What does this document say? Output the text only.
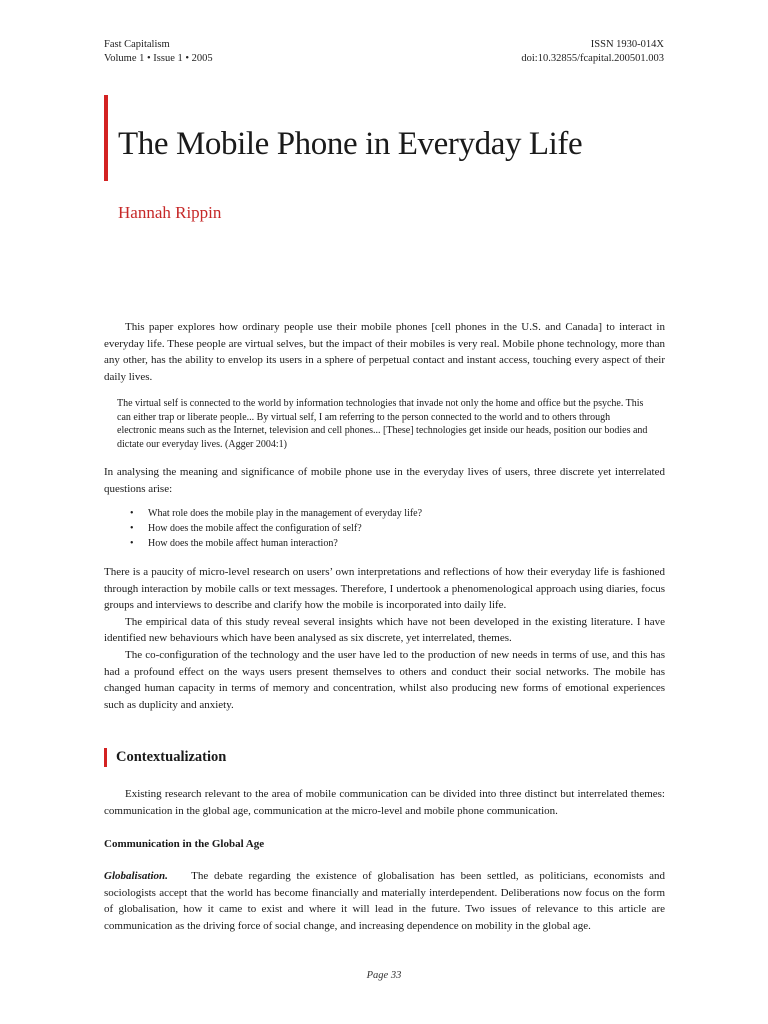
Fast Capitalism
Volume 1 • Issue 1 • 2005
ISSN 1930-014X
doi:10.32855/fcapital.200501.003
The Mobile Phone in Everyday Life
Hannah Rippin

This paper explores how ordinary people use their mobile phones [cell phones in the U.S. and Canada] to interact in everyday life. These people are virtual selves, but the impact of their mobiles is very real. Mobile phone technology, more than any other, has the ability to envelop its users in a sphere of perpetual contact and instant access, touching every aspect of their daily lives.

The virtual self is connected to the world by information technologies that invade not only the home and office but the psyche. This can either trap or liberate people... By virtual self, I am referring to the person connected to the world and to others through electronic means such as the Internet, television and cell phones... [These] technologies get inside our heads, position our bodies and dictate our everyday lives. (Agger 2004:1)

In analysing the meaning and significance of mobile phone use in the everyday lives of users, three discrete yet interrelated questions arise:

• What role does the mobile play in the management of everyday life?
• How does the mobile affect the configuration of self?
• How does the mobile affect human interaction?

There is a paucity of micro-level research on users’ own interpretations and reflections of how their everyday life is fashioned through interaction by mobile calls or text messages. Therefore, I undertook a phenomenological approach using diaries, focus groups and interviews to describe and clarify how the mobile is incorporated into daily life.

The empirical data of this study reveal several insights which have not been developed in the existing literature. I have identified new behaviours which have been analysed as six discrete, yet interrelated, themes.

The co-configuration of the technology and the user have led to the production of new needs in terms of use, and this has had a profound effect on the ways users present themselves to others and conduct their social networks. The mobile has changed human capacity in terms of memory and concentration, whilst also producing new forms of emotional experiences such as duplicity and anxiety.

Contextualization

Existing research relevant to the area of mobile communication can be divided into three distinct but interrelated themes: communication in the global age, communication at the micro-level and mobile phone communication.

Communication in the Global Age

Globalisation. The debate regarding the existence of globalisation has been settled, as politicians, economists and sociologists accept that the world has become financially and materially interdependent. Deliberations now focus on the form of globalisation, how it came to exist and where it will lead in the future. Two issues of relevance to this article are communication as the driving force of social change, and increasing dependence on mobility in the global age.

Page 33
